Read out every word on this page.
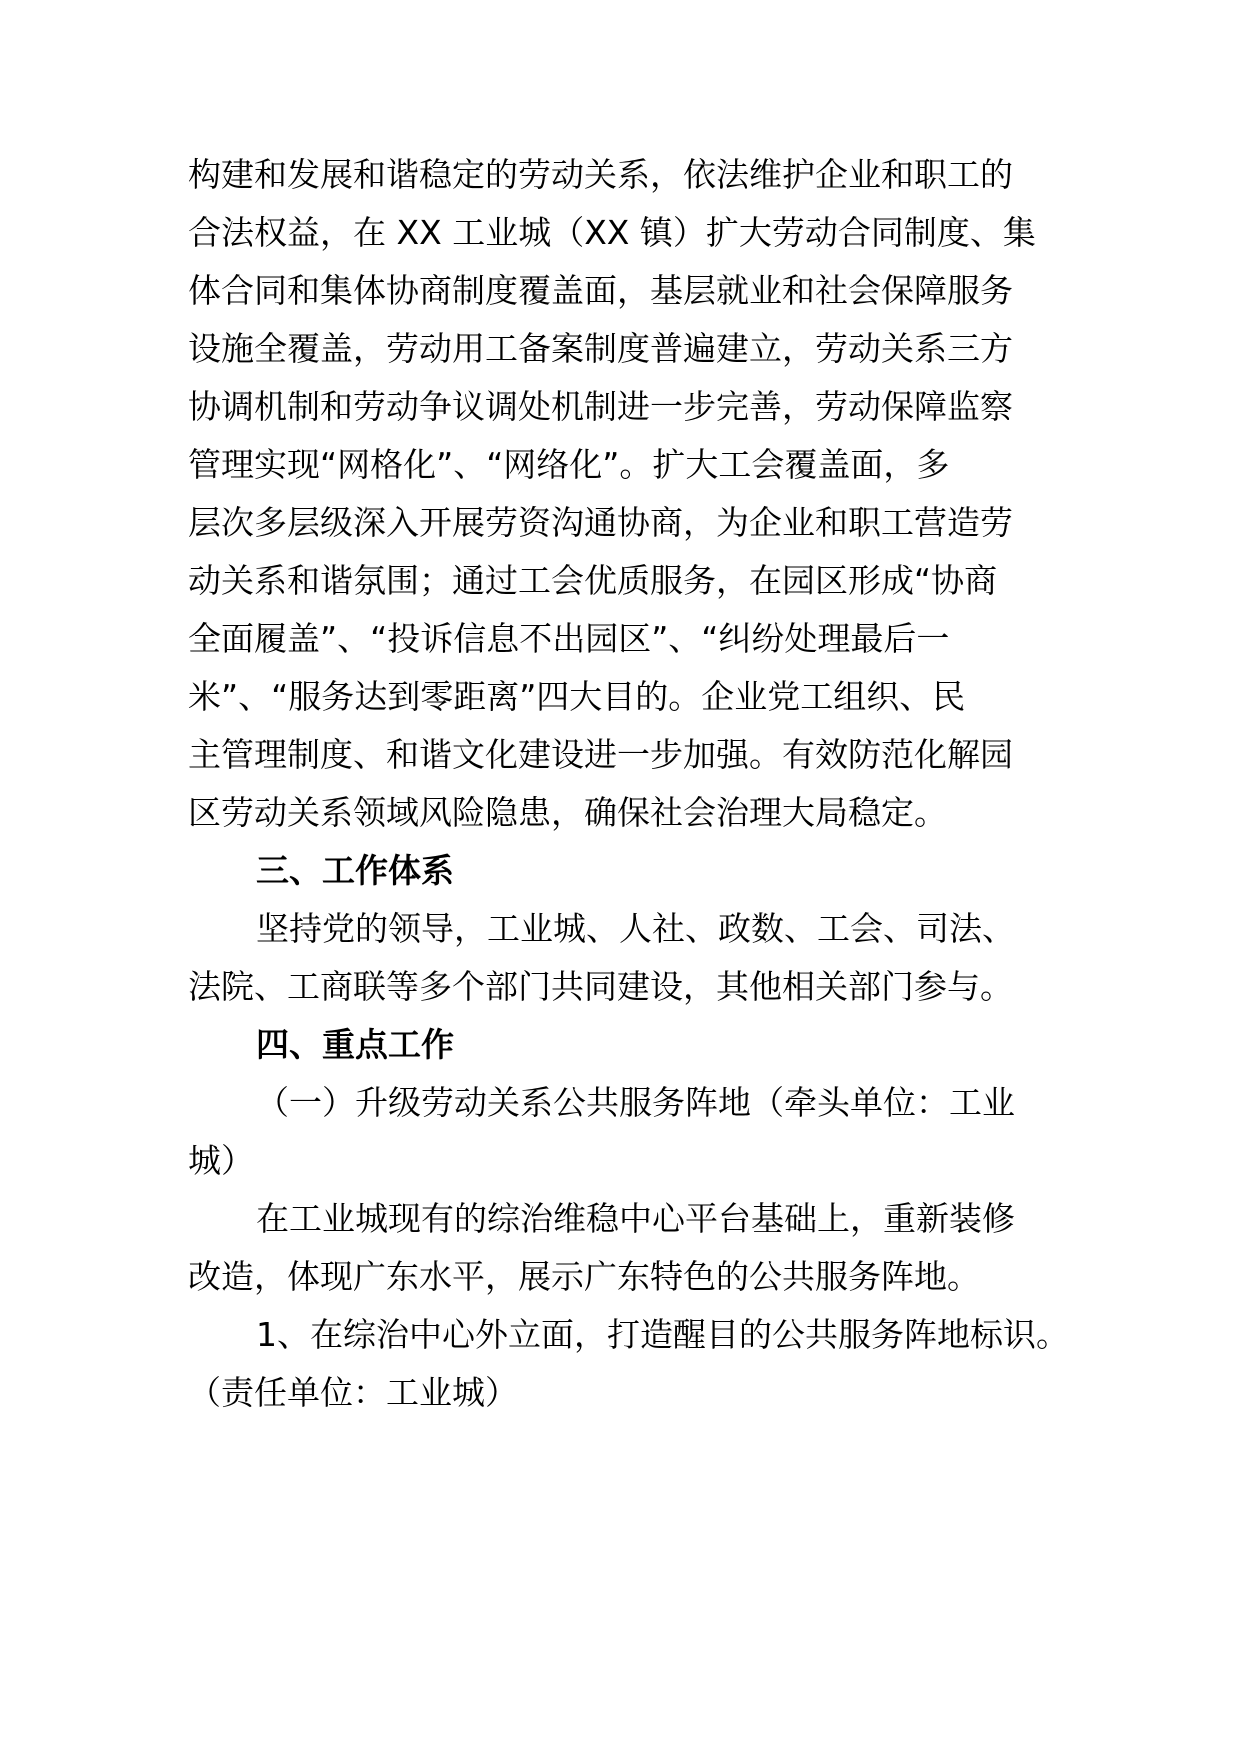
构建和发展和谐稳定的劳动关系，依法维护企业和职工的
合法权益，在 XX 工业城（XX 镇）扩大劳动合同制度、集
体合同和集体协商制度覆盖面，基层就业和社会保障服务
设施全覆盖，劳动用工备案制度普遍建立，劳动关系三方
协调机制和劳动争议调处机制进一步完善，劳动保障监察
管理实现“网格化”、“网络化”。扩大工会覆盖面，多
层次多层级深入开展劳资沟通协商，为企业和职工营造劳
动关系和谐氛围；通过工会优质服务，在园区形成“协商
全面履盖”、“投诉信息不出园区”、“纠纷处理最后一
米”、“服务达到零距离”四大目的。企业党工组织、民
主管理制度、和谐文化建设进一步加强。有效防范化解园
区劳动关系领域风险隐患，确保社会治理大局稳定。
三、工作体系
坚持党的领导，工业城、人社、政数、工会、司法、
法院、工商联等多个部门共同建设，其他相关部门参与。
四、重点工作
（一）升级劳动关系公共服务阵地（牵头单位：工业
城）
在工业城现有的综治维稳中心平台基础上，重新装修
改造，体现广东水平，展示广东特色的公共服务阵地。
1、在综治中心外立面，打造醒目的公共服务阵地标识。
（责任单位：工业城）
